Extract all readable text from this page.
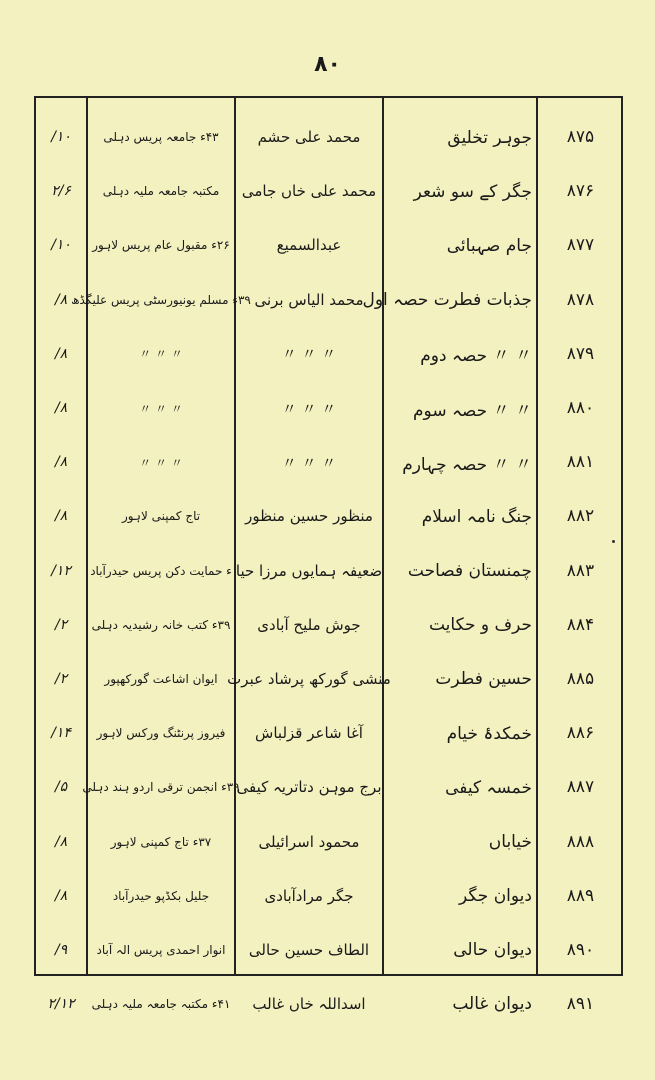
۸۰
۸۷۵
جوہر تخلیق
محمد علی حشم
۴۳ء جامعہ پریس دہلی
۱۰/
۸۷۶
جگر کے سو شعر
محمد علی خاں جامی
مکتبہ جامعہ ملیہ دہلی
۲/۶
۸۷۷
جام صہبائی
عبدالسمیع
۲۶ء مقبول عام پریس لاہور
۱۰/
۸۷۸
جذبات فطرت حصہ اول
محمد الیاس برنی
۳۹ء مسلم یونیورسٹی پریس علیگڈھ
۸/
۸۷۹
〃 〃 حصہ دوم
〃 〃 〃
〃 〃 〃
۸/
۸۸۰
〃 〃 حصہ سوم
〃 〃 〃
〃 〃 〃
۸/
۸۸۱
〃 〃 حصہ چہارم
〃 〃 〃
〃 〃 〃
۸/
۸۸۲
جنگ نامہ اسلام
منظور حسین منظور
تاج کمپنی لاہور
۸/
۸۸۳
چمنستان فصاحت
ضعیفہ ہمایوں مرزا حیا
ء حمایت دکن پریس حیدرآباد
۱۲/
۸۸۴
حرف و حکایت
جوش ملیح آبادی
۳۹ء کتب خانہ رشیدیہ دہلی
۲/
۸۸۵
حسین فطرت
منشی گورکھ پرشاد عبرت
ایوان اشاعت گورکھپور
۲/
۸۸۶
خمکدۂ خیام
آغا شاعر قزلباش
فیروز پرنٹنگ ورکس لاہور
۱۴/
۸۸۷
خمسہ کیفی
برج موہن دتاتریہ کیفی
۳۹ء انجمن ترقی اردو ہند دہلی
۵/
۸۸۸
خیاباں
محمود اسرائیلی
۳۷ء تاج کمپنی لاہور
۸/
۸۸۹
دیوان جگر
جگر مرادآبادی
جلیل بکڈپو حیدرآباد
۸/
۸۹۰
دیوان حالی
الطاف حسین حالی
انوار احمدی پریس الہ آباد
۹/
۸۹۱
دیوان غالب
اسداللہ خاں غالب
۴۱ء مکتبہ جامعہ ملیہ دہلی
۲/۱۲
